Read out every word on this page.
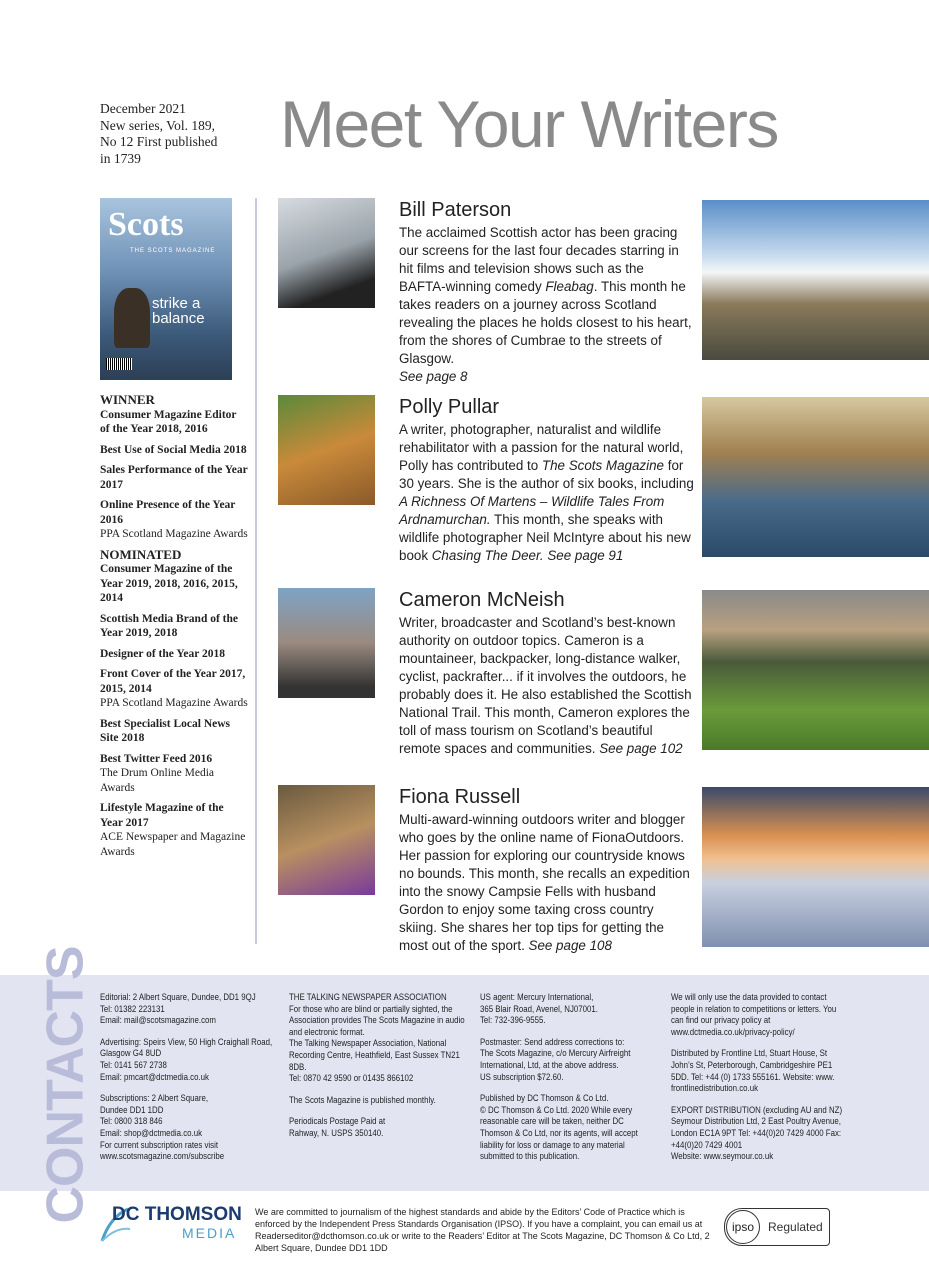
December 2021
New series, Vol. 189,
No 12 First published
in 1739	Meet Your Writers
Scots
THE SCOTS MAGAZINE
strike a balance
WINNER
Consumer Magazine Editor of the Year 2018, 2016
Best Use of Social Media 2018
Sales Performance of the Year 2017
Online Presence of the Year 2016
PPA Scotland Magazine Awards
NOMINATED
Consumer Magazine of the Year 2019, 2018, 2016, 2015, 2014
Scottish Media Brand of the Year 2019, 2018
Designer of the Year 2018
Front Cover of the Year 2017, 2015, 2014
PPA Scotland Magazine Awards
Best Specialist Local News Site 2018
Best Twitter Feed 2016
The Drum Online Media Awards
Lifestyle Magazine of the Year 2017
ACE Newspaper and Magazine Awards
Bill Paterson
The acclaimed Scottish actor has been gracing our screens for the last four decades starring in hit films and television shows such as the BAFTA-winning comedy Fleabag. This month he takes readers on a journey across Scotland revealing the places he holds closest to his heart, from the shores of Cumbrae to the streets of Glasgow.
See page 8
Polly Pullar
A writer, photographer, naturalist and wildlife rehabilitator with a passion for the natural world, Polly has contributed to The Scots Magazine for 30 years. She is the author of six books, including A Richness Of Martens – Wildlife Tales From Ardnamurchan. This month, she speaks with wildlife photographer Neil McIntyre about his new book Chasing The Deer. See page 91
Cameron McNeish
Writer, broadcaster and Scotland’s best-known authority on outdoor topics. Cameron is a mountaineer, backpacker, long-distance walker, cyclist, packrafter... if it involves the outdoors, he probably does it. He also established the Scottish National Trail. This month, Cameron explores the toll of mass tourism on Scotland’s beautiful remote spaces and communities. See page 102
Fiona Russell
Multi-award-winning outdoors writer and blogger who goes by the online name of FionaOutdoors. Her passion for exploring our countryside knows no bounds. This month, she recalls an expedition into the snowy Campsie Fells with husband Gordon to enjoy some taxing cross country skiing. She shares her top tips for getting the most out of the sport. See page 108
CONTACTS Editorial: 2 Albert Square, Dundee, DD1 9QJ
Tel: 01382 223131
Email: mail@scotsmagazine.com

Advertising: Speirs View, 50 High Craighall Road, Glasgow G4 8UD
Tel: 0141 567 2738
Email: pmcart@dctmedia.co.uk

Subscriptions: 2 Albert Square,
Dundee DD1 1DD
Tel: 0800 318 846
Email: shop@dctmedia.co.uk
For current subscription rates visit
www.scotsmagazine.com/subscribe

THE TALKING NEWSPAPER ASSOCIATION
For those who are blind or partially sighted, the Association provides The Scots Magazine in audio and electronic format.
The Talking Newspaper Association, National Recording Centre, Heathfield, East Sussex TN21 8DB.
Tel: 0870 42 9590 or 01435 866102

The Scots Magazine is published monthly.

Periodicals Postage Paid at
Rahway, N. USPS 350140.

US agent: Mercury International,
365 Blair Road, Avenel, NJ07001.
Tel: 732-396-9555.

Postmaster: Send address corrections to:
The Scots Magazine, c/o Mercury Airfreight International, Ltd, at the above address.
US subscription $72.60.

Published by DC Thomson & Co Ltd.
© DC Thomson & Co Ltd. 2020 While every reasonable care will be taken, neither DC Thomson & Co Ltd, nor its agents, will accept liability for loss or damage to any material submitted to this publication.

We will only use the data provided to contact people in relation to competitions or letters. You can find our privacy policy at www.dctmedia.co.uk/privacy-policy/

Distributed by Frontline Ltd, Stuart House, St John’s St, Peterborough, Cambridgeshire PE1 5DD. Tel: +44 (0) 1733 555161. Website: www. frontlinedistribution.co.uk

EXPORT DISTRIBUTION (excluding AU and NZ) Seymour Distribution Ltd, 2 East Poultry Avenue, London EC1A 9PT Tel: +44(0)20 7429 4000 Fax: +44(0)20 7429 4001
Website: www.seymour.co.uk

DC THOMSON
MEDIA
We are committed to journalism of the highest standards and abide by the Editors’ Code of Practice which is enforced by the Independent Press Standards Organisation (IPSO). If you have a complaint, you can email us at Readerseditor@dcthomson.co.uk or write to the Readers’ Editor at The Scots Magazine, DC Thomson & Co Ltd, 2 Albert Square, Dundee DD1 1DD
ipso	Regulated
